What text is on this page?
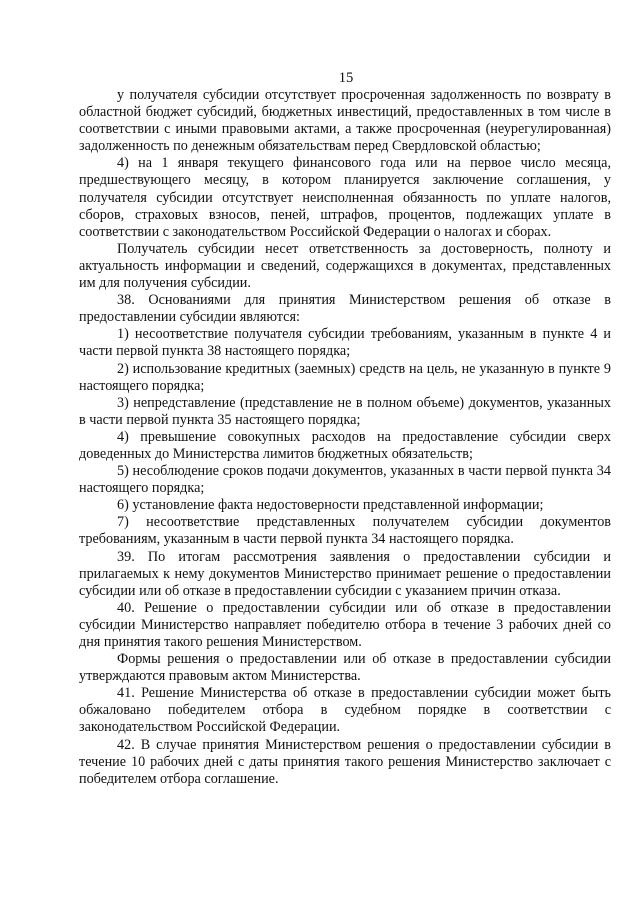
15

у получателя субсидии отсутствует просроченная задолженность по возврату в областной бюджет субсидий, бюджетных инвестиций, предоставленных в том числе в соответствии с иными правовыми актами, а также просроченная (неурегулированная) задолженность по денежным обязательствам перед Свердловской областью;

4) на 1 января текущего финансового года или на первое число месяца, предшествующего месяцу, в котором планируется заключение соглашения, у получателя субсидии отсутствует неисполненная обязанность по уплате налогов, сборов, страховых взносов, пеней, штрафов, процентов, подлежащих уплате в соответствии с законодательством Российской Федерации о налогах и сборах.

Получатель субсидии несет ответственность за достоверность, полноту и актуальность информации и сведений, содержащихся в документах, представленных им для получения субсидии.

38. Основаниями для принятия Министерством решения об отказе в предоставлении субсидии являются:

1) несоответствие получателя субсидии требованиям, указанным в пункте 4 и части первой пункта 38 настоящего порядка;

2) использование кредитных (заемных) средств на цель, не указанную в пункте 9 настоящего порядка;

3) непредставление (представление не в полном объеме) документов, указанных в части первой пункта 35 настоящего порядка;

4) превышение совокупных расходов на предоставление субсидии сверх доведенных до Министерства лимитов бюджетных обязательств;

5) несоблюдение сроков подачи документов, указанных в части первой пункта 34 настоящего порядка;

6) установление факта недостоверности представленной информации;

7) несоответствие представленных получателем субсидии документов требованиям, указанным в части первой пункта 34 настоящего порядка.

39. По итогам рассмотрения заявления о предоставлении субсидии и прилагаемых к нему документов Министерство принимает решение о предоставлении субсидии или об отказе в предоставлении субсидии с указанием причин отказа.

40. Решение о предоставлении субсидии или об отказе в предоставлении субсидии Министерство направляет победителю отбора в течение 3 рабочих дней со дня принятия такого решения Министерством.

Формы решения о предоставлении или об отказе в предоставлении субсидии утверждаются правовым актом Министерства.

41. Решение Министерства об отказе в предоставлении субсидии может быть обжаловано победителем отбора в судебном порядке в соответствии с законодательством Российской Федерации.

42. В случае принятия Министерством решения о предоставлении субсидии в течение 10 рабочих дней с даты принятия такого решения Министерство заключает с победителем отбора соглашение.
